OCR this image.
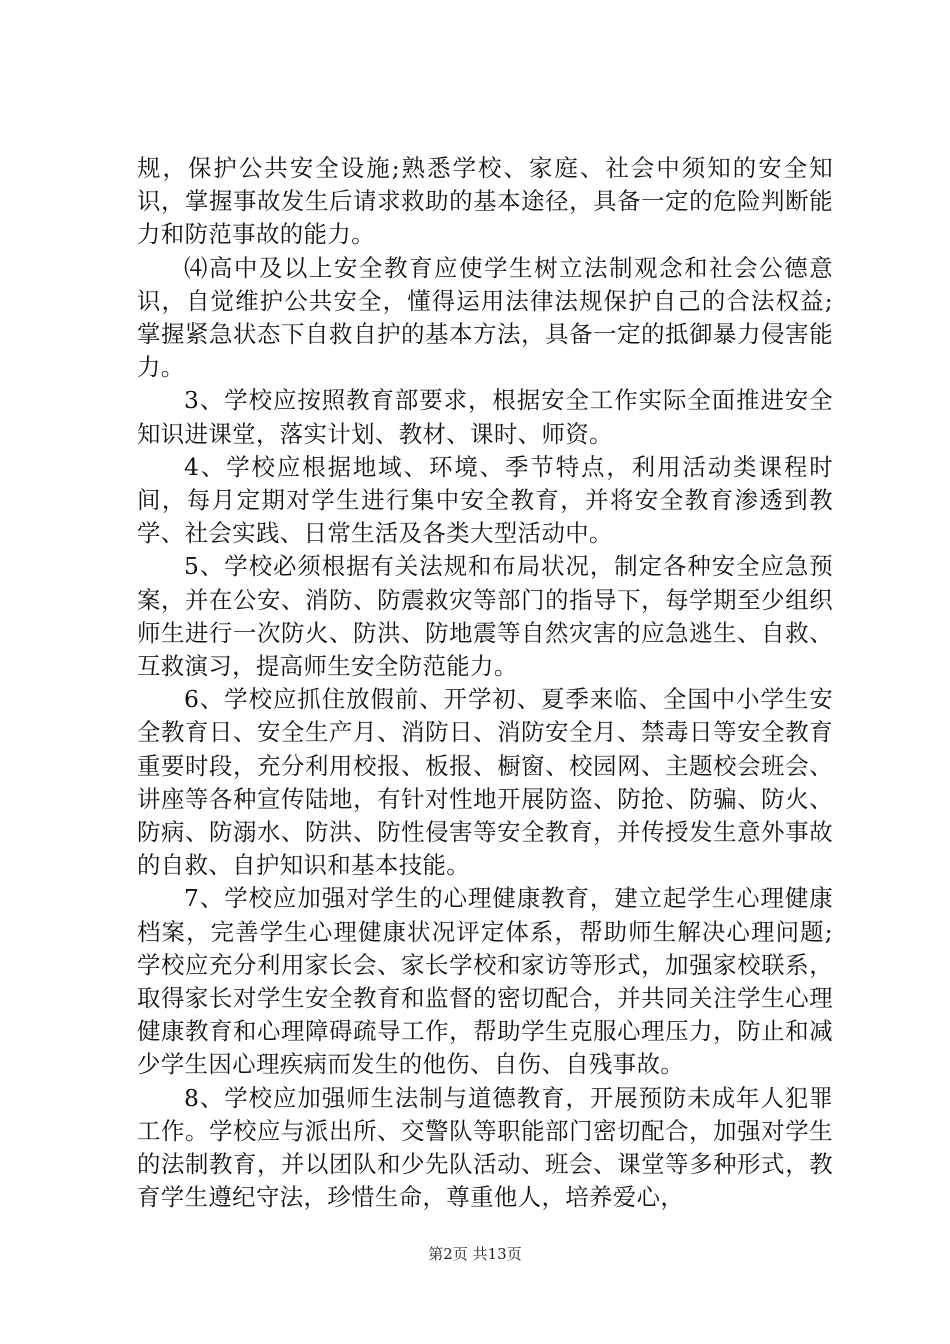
规，保护公共安全设施;熟悉学校、家庭、社会中须知的安全知识，掌握事故发生后请求救助的基本途径，具备一定的危险判断能力和防范事故的能力。

⑷高中及以上安全教育应使学生树立法制观念和社会公德意识，自觉维护公共安全，懂得运用法律法规保护自己的合法权益;掌握紧急状态下自救自护的基本方法，具备一定的抵御暴力侵害能力。

3、学校应按照教育部要求，根据安全工作实际全面推进安全知识进课堂，落实计划、教材、课时、师资。

4、学校应根据地域、环境、季节特点，利用活动类课程时间，每月定期对学生进行集中安全教育，并将安全教育渗透到教学、社会实践、日常生活及各类大型活动中。

5、学校必须根据有关法规和布局状况，制定各种安全应急预案，并在公安、消防、防震救灾等部门的指导下，每学期至少组织师生进行一次防火、防洪、防地震等自然灾害的应急逃生、自救、互救演习，提高师生安全防范能力。

6、学校应抓住放假前、开学初、夏季来临、全国中小学生安全教育日、安全生产月、消防日、消防安全月、禁毒日等安全教育重要时段，充分利用校报、板报、橱窗、校园网、主题校会班会、讲座等各种宣传陆地，有针对性地开展防盗、防抢、防骗、防火、防病、防溺水、防洪、防性侵害等安全教育，并传授发生意外事故的自救、自护知识和基本技能。

7、学校应加强对学生的心理健康教育，建立起学生心理健康档案，完善学生心理健康状况评定体系，帮助师生解决心理问题;学校应充分利用家长会、家长学校和家访等形式，加强家校联系，取得家长对学生安全教育和监督的密切配合，并共同关注学生心理健康教育和心理障碍疏导工作，帮助学生克服心理压力，防止和减少学生因心理疾病而发生的他伤、自伤、自残事故。

8、学校应加强师生法制与道德教育，开展预防未成年人犯罪工作。学校应与派出所、交警队等职能部门密切配合，加强对学生的法制教育，并以团队和少先队活动、班会、课堂等多种形式，教育学生遵纪守法，珍惜生命，尊重他人，培养爱心，

第2页 共13页
